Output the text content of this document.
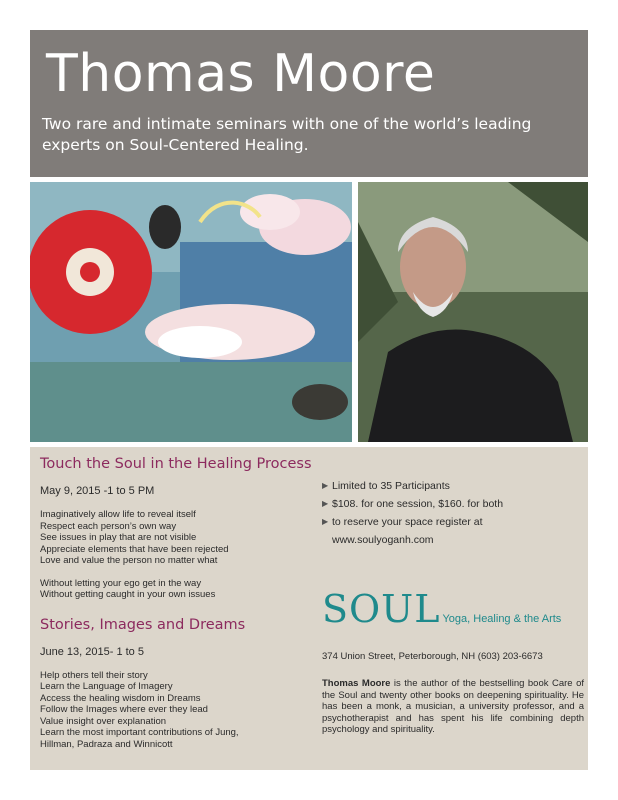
Thomas Moore

Two rare and intimate seminars with one of the world’s leading experts on Soul-Centered Healing.

Touch the Soul in the Healing Process
May 9, 2015 -1 to 5 PM
Imaginatively allow life to reveal itself
Respect each person’s own way
See issues in play that are not visible
Appreciate elements that have been rejected
Love and value the person no matter what
Without letting your ego get in the way
Without getting caught in your own issues
Stories, Images and Dreams
June 13, 2015- 1 to 5
Help others tell their story
Learn the Language of Imagery
Access the healing wisdom in Dreams
Follow the Images where ever they lead
Value insight over explanation
Learn the most important contributions of Jung,
Hillman, Padraza and Winnicott
▶ Limited to 35 Participants
▶ $108. for one session, $160. for both
▶ to reserve your space register at
www.soulyoganh.com
SOUL Yoga, Healing & the Arts
374 Union Street, Peterborough, NH (603) 203-6673
Thomas Moore is the author of the bestselling book Care of the Soul and twenty other books on deepening spirituality. He has been a monk, a musician, a university professor, and a psychotherapist and has spent his life combining depth psychology and spirituality.
